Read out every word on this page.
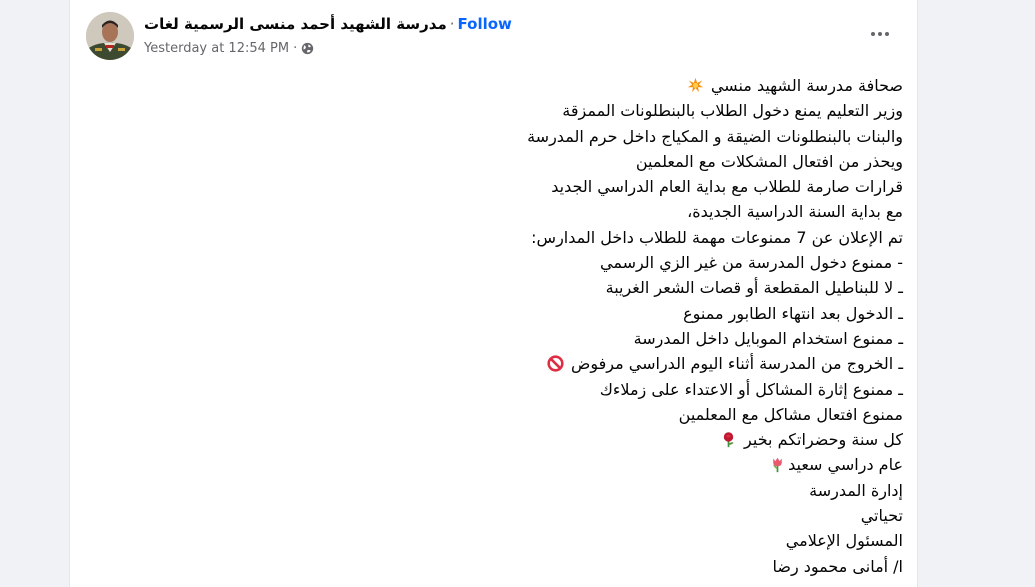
مدرسة الشهيد أحمد منسى الرسمية لغات · Follow
Yesterday at 12:54 PM ·
صحافة مدرسة الشهيد منسي
وزير التعليم يمنع دخول الطلاب بالبنطلونات الممزقة
والبنات بالبنطلونات الضيقة و المكياج داخل حرم المدرسة
ويحذر من افتعال المشكلات مع المعلمين
قرارات صارمة للطلاب مع بداية العام الدراسي الجديد
مع بداية السنة الدراسية الجديدة،
تم الإعلان عن 7 ممنوعات مهمة للطلاب داخل المدارس:
- ممنوع دخول المدرسة من غير الزي الرسمي
ـ لا للبناطيل المقطعة أو قصات الشعر الغريبة
ـ الدخول بعد انتهاء الطابور ممنوع
ـ ممنوع استخدام الموبايل داخل المدرسة
ـ الخروج من المدرسة أثناء اليوم الدراسي مرفوض
ـ ممنوع إثارة المشاكل أو الاعتداء على زملاءك
ممنوع افتعال مشاكل مع المعلمين
كل سنة وحضراتكم بخير
عام دراسي سعيد
إدارة المدرسة
تحياتي
المسئول الإعلامي
ا/ أمانى محمود رضا
